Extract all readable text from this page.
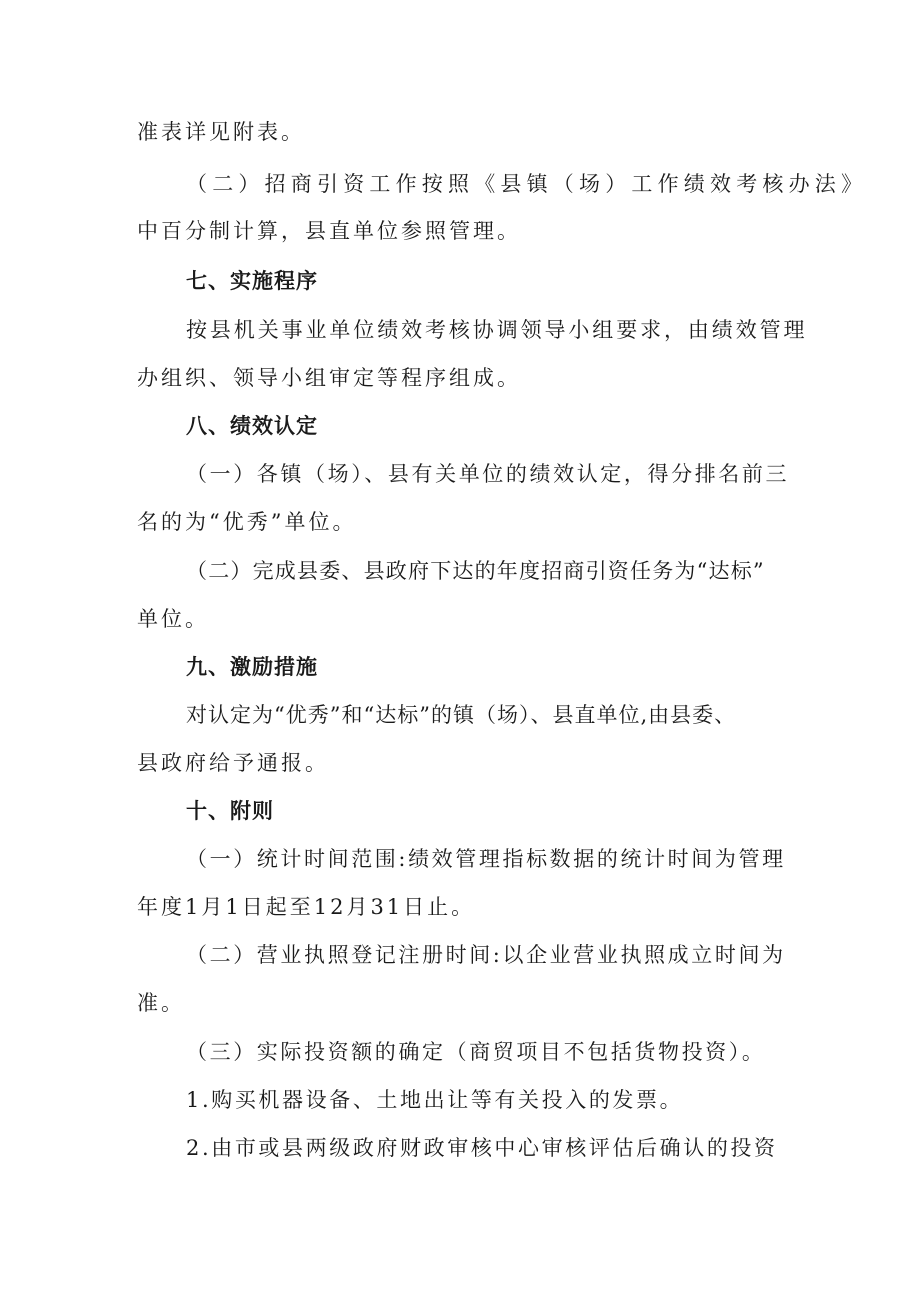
准表详见附表。
（二）招商引资工作按照《县镇（场）工作绩效考核办法》
中百分制计算，县直单位参照管理。
七、实施程序
按县机关事业单位绩效考核协调领导小组要求，由绩效管理
办组织、领导小组审定等程序组成。
八、绩效认定
（一）各镇（场）、县有关单位的绩效认定，得分排名前三
名的为“优秀”单位。
（二）完成县委、县政府下达的年度招商引资任务为“达标”
单位。
九、激励措施
对认定为“优秀”和“达标”的镇（场）、县直单位,由县委、
县政府给予通报。
十、附则
（一）统计时间范围:绩效管理指标数据的统计时间为管理
年度1月1日起至12月31日止。
（二）营业执照登记注册时间:以企业营业执照成立时间为
准。
（三）实际投资额的确定（商贸项目不包括货物投资）。
1.购买机器设备、土地出让等有关投入的发票。
2.由市或县两级政府财政审核中心审核评估后确认的投资
